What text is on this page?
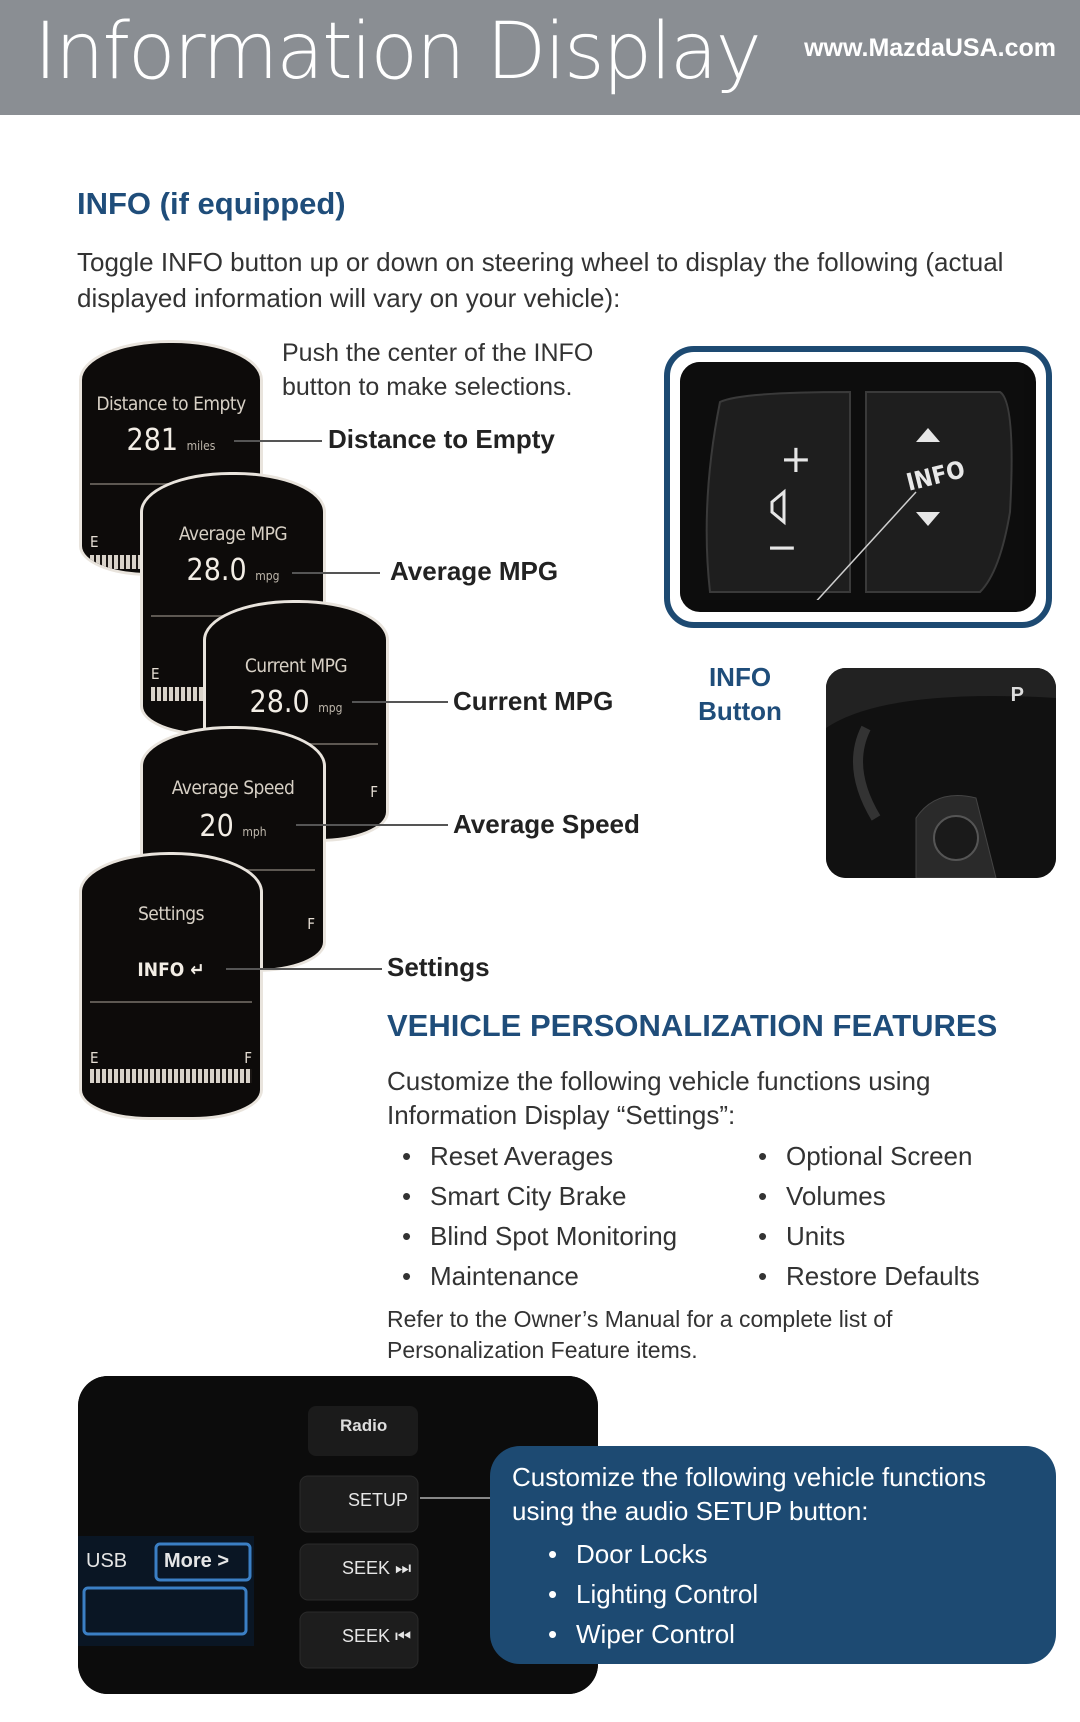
Information Display www.MazdaUSA.com
INFO (if equipped)
Toggle INFO button up or down on steering wheel to display the following (actual displayed information will vary on your vehicle):
Push the center of the INFO button to make selections.
Distance to Empty
281 miles
E	Average MPG
28.0 mpg
E	Current MPG
28.0 mpg
F
Average Speed
20 mph
F
Settings
INFO ↵
E	F
Distance to Empty
Average MPG
Current MPG
Average Speed
Settings
+
−
INFO
INFO
Button
P
VEHICLE PERSONALIZATION FEATURES
Customize the following vehicle functions using Information Display “Settings”:
• Reset Averages
• Smart City Brake
• Blind Spot Monitoring
• Maintenance
• Optional Screen
• Volumes
• Units
• Restore Defaults
Refer to the Owner’s Manual for a complete list of Personalization Feature items.
Radio
SETUP
SEEK ⏭
SEEK ⏮
USB More >
Customize the following vehicle functions using the audio SETUP button:
• Door Locks
• Lighting Control
• Wiper Control
